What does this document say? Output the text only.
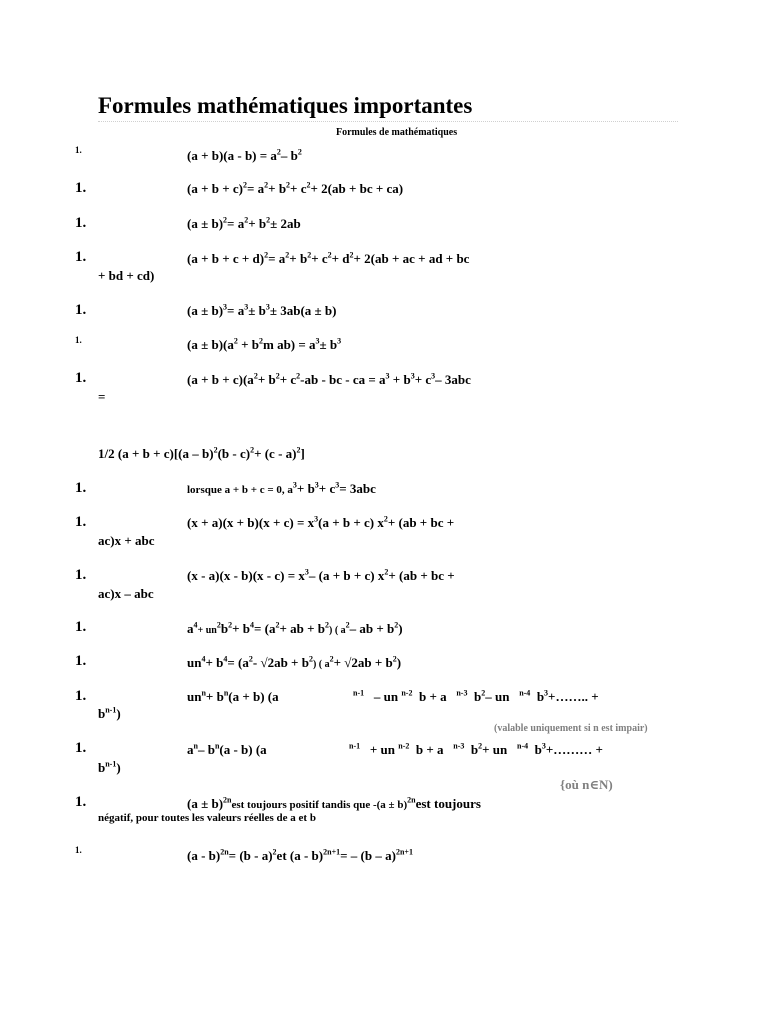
Formules mathématiques importantes
Formules de mathématiques
1.
1.
1.
1.
1.
1.
1.
1.
1.
1.
1.
1.
1.
1.
1.
1.
$(a + b)(a - b) = a^2-$ $b^2$
$(a + b + c)^2= a^2+ b^2+ c^2+ 2(ab$ + bc + ca)
$(a \pm b)^2= a^2+ b^2\pm 2ab$
$(a + b + c + d)^2= a^2+ b^2+ c^2+ d^2+ 2(ab$ + ac + ad + bc
+ bd + cd)
$(a \pm b)^3= a^3\pm b^3\pm 3ab(a \pm b)$
$(a \pm b)(a^2 + b^2m$ $ab) = a^3\pm b^3$
$(a + b + c)(a^2+ b^2+ c^2-ab$ - bc - ca = $a^3 + b^3+ c^3-$ 3abc
=
1/2 (a + b + c)[(a – b)$^2$(b - c)$^2$+ (c - a)$^2$]
lorsque a + b + c = 0, $a^3+ b^3+ c^3= 3abc$
$(x + a)(x + b)(x + c) = x^3(a + b + c)$ $x^2+ (ab$ + bc +
ac)x + abc
$(x - a)(x - b)(x - c) = x^3-$ (a + b + c) $x^2+ (ab$ + bc +
ac)x – abc
$a^4+ un^2b^2+ b^4= (a^2+$ ab + $b^2$) ( $a^2-$ ab + $b^2$)
$un^4+ b^4= (a^2-$ $√2ab + b^2$) ( $a^2+ √2ab + b^2$)
$un^n+ b^n(a + b)$ (a	$^{n-1}$ – un $^{n-2}$ b + a $^{n-3}$ $b^2-$ un $^{n-4}$ $b^3+\dots\dots$.. +
$b^{n-1}$)
(valable uniquement si n est impair)
$a^n-$ $b^n(a - b)$ (a	$^{n-1}$ + un $^{n-2}$ b + a $^{n-3}$ $b^2+$ un $^{n-4}$ $b^3+\dots\dots\dots$ +
$b^{n-1}$)
{où n∈N)
$(a \pm b)^{2n}est$ toujours positif tandis que $-(a \pm b)^{2n}est$ toujours
négatif, pour toutes les valeurs réelles de a et b
(a - b)$^{2n}$= (b - a)$^2$et (a - b)$^{2n+1}$= – (b – a)$^{2n+1}$
